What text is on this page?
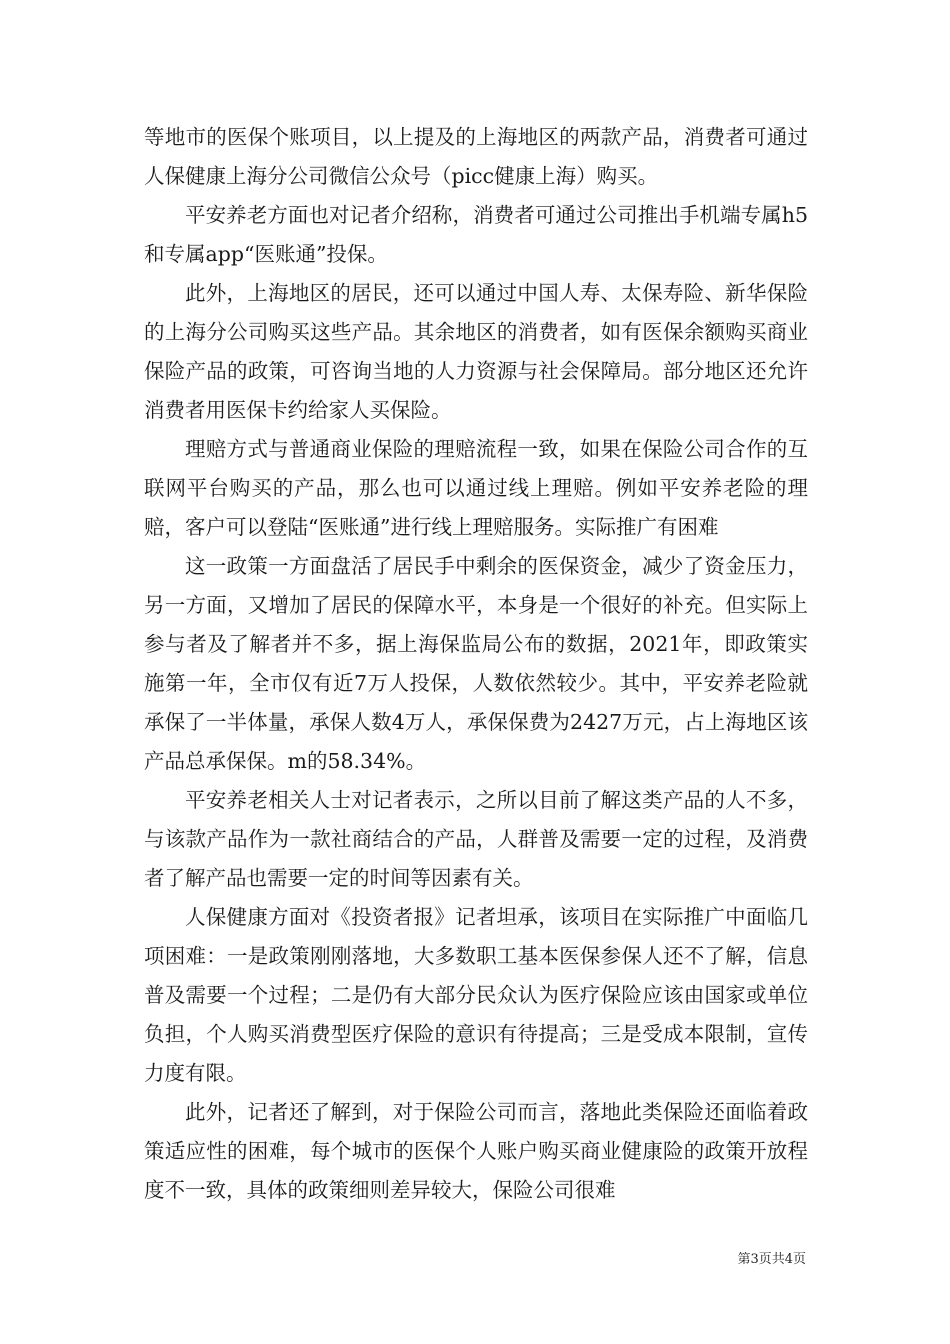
等地市的医保个账项目，以上提及的上海地区的两款产品，消费者可通过人保健康上海分公司微信公众号（picc健康上海）购买。

平安养老方面也对记者介绍称，消费者可通过公司推出手机端专属h5和专属app“医账通”投保。

此外，上海地区的居民，还可以通过中国人寿、太保寿险、新华保险的上海分公司购买这些产品。其余地区的消费者，如有医保余额购买商业保险产品的政策，可咨询当地的人力资源与社会保障局。部分地区还允许消费者用医保卡约给家人买保险。

理赔方式与普通商业保险的理赔流程一致，如果在保险公司合作的互联网平台购买的产品，那么也可以通过线上理赔。例如平安养老险的理赔，客户可以登陆“医账通”进行线上理赔服务。实际推广有困难

这一政策一方面盘活了居民手中剩余的医保资金，减少了资金压力，另一方面，又增加了居民的保障水平，本身是一个很好的补充。但实际上参与者及了解者并不多，据上海保监局公布的数据，2021年，即政策实施第一年，全市仅有近7万人投保，人数依然较少。其中，平安养老险就承保了一半体量，承保人数4万人，承保保费为2427万元，占上海地区该产品总承保保。m的58.34%。

平安养老相关人士对记者表示，之所以目前了解这类产品的人不多，与该款产品作为一款社商结合的产品，人群普及需要一定的过程，及消费者了解产品也需要一定的时间等因素有关。

人保健康方面对《投资者报》记者坦承，该项目在实际推广中面临几项困难：一是政策刚刚落地，大多数职工基本医保参保人还不了解，信息普及需要一个过程；二是仍有大部分民众认为医疗保险应该由国家或单位负担，个人购买消费型医疗保险的意识有待提高；三是受成本限制，宣传力度有限。

此外，记者还了解到，对于保险公司而言，落地此类保险还面临着政策适应性的困难，每个城市的医保个人账户购买商业健康险的政策开放程度不一致，具体的政策细则差异较大，保险公司很难

第3页共4页
